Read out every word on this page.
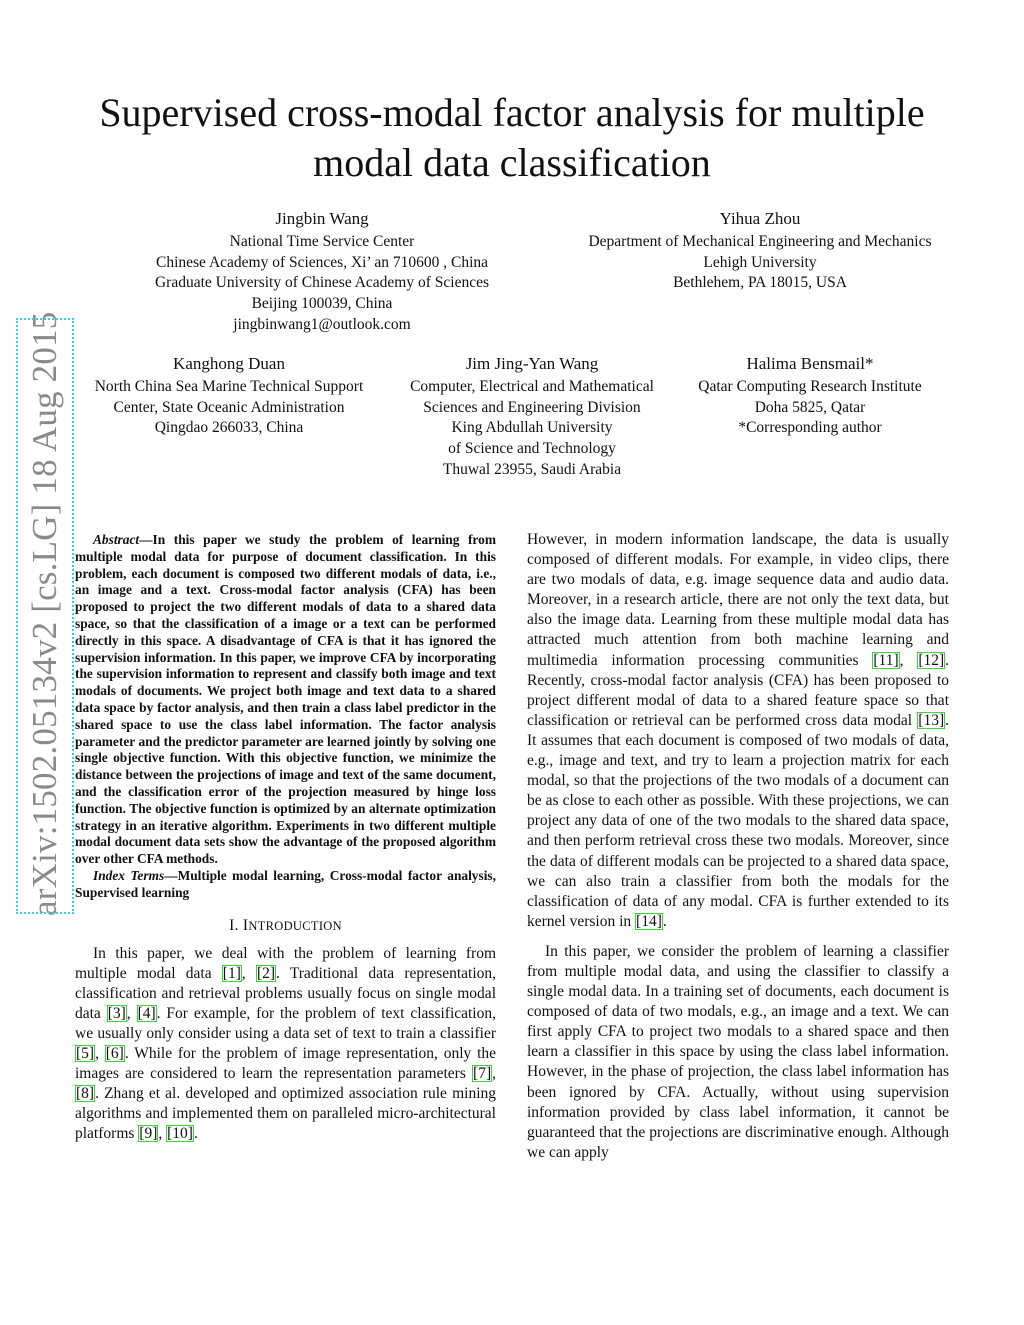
arXiv:1502.05134v2 [cs.LG] 18 Aug 2015
Supervised cross-modal factor analysis for multiple
modal data classification
Jingbin Wang
National Time Service Center
Chinese Academy of Sciences, Xi’ an 710600 , China
Graduate University of Chinese Academy of Sciences
Beijing 100039, China
jingbinwang1@outlook.com
Yihua Zhou
Department of Mechanical Engineering and Mechanics
Lehigh University
Bethlehem, PA 18015, USA
Kanghong Duan
North China Sea Marine Technical Support
Center, State Oceanic Administration
Qingdao 266033, China
Jim Jing-Yan Wang
Computer, Electrical and Mathematical
Sciences and Engineering Division
King Abdullah University
of Science and Technology
Thuwal 23955, Saudi Arabia
Halima Bensmail*
Qatar Computing Research Institute
Doha 5825, Qatar
*Corresponding author

Abstract—In this paper we study the problem of learning from multiple modal data for purpose of document classification. In this problem, each document is composed two different modals of data, i.e., an image and a text. Cross-modal factor analysis (CFA) has been proposed to project the two different modals of data to a shared data space, so that the classification of a image or a text can be performed directly in this space. A disadvantage of CFA is that it has ignored the supervision information. In this paper, we improve CFA by incorporating the supervision information to represent and classify both image and text modals of documents. We project both image and text data to a shared data space by factor analysis, and then train a class label predictor in the shared space to use the class label information. The factor analysis parameter and the predictor parameter are learned jointly by solving one single objective function. With this objective function, we minimize the distance between the projections of image and text of the same document, and the classification error of the projection measured by hinge loss function. The objective function is optimized by an alternate optimization strategy in an iterative algorithm. Experiments in two different multiple modal document data sets show the advantage of the proposed algorithm over other CFA methods.

Index Terms—Multiple modal learning, Cross-modal factor analysis, Supervised learning

I. INTRODUCTION

In this paper, we deal with the problem of learning from multiple modal data [1], [2]. Traditional data representation, classification and retrieval problems usually focus on single modal data [3], [4]. For example, for the problem of text classification, we usually only consider using a data set of text to train a classifier [5], [6]. While for the problem of image representation, only the images are considered to learn the representation parameters [7], [8]. Zhang et al. developed and optimized association rule mining algorithms and implemented them on paralleled micro-architectural platforms [9], [10].

However, in modern information landscape, the data is usually composed of different modals. For example, in video clips, there are two modals of data, e.g. image sequence data and audio data. Moreover, in a research article, there are not only the text data, but also the image data. Learning from these multiple modal data has attracted much attention from both machine learning and multimedia information processing communities [11], [12]. Recently, cross-modal factor analysis (CFA) has been proposed to project different modal of data to a shared feature space so that classification or retrieval can be performed cross data modal [13]. It assumes that each document is composed of two modals of data, e.g., image and text, and try to learn a projection matrix for each modal, so that the projections of the two modals of a document can be as close to each other as possible. With these projections, we can project any data of one of the two modals to the shared data space, and then perform retrieval cross these two modals. Moreover, since the data of different modals can be projected to a shared data space, we can also train a classifier from both the modals for the classification of data of any modal. CFA is further extended to its kernel version in [14].

In this paper, we consider the problem of learning a classifier from multiple modal data, and using the classifier to classify a single modal data. In a training set of documents, each document is composed of data of two modals, e.g., an image and a text. We can first apply CFA to project two modals to a shared space and then learn a classifier in this space by using the class label information. However, in the phase of projection, the class label information has been ignored by CFA. Actually, without using supervision information provided by class label information, it cannot be guaranteed that the projections are discriminative enough. Although we can apply
